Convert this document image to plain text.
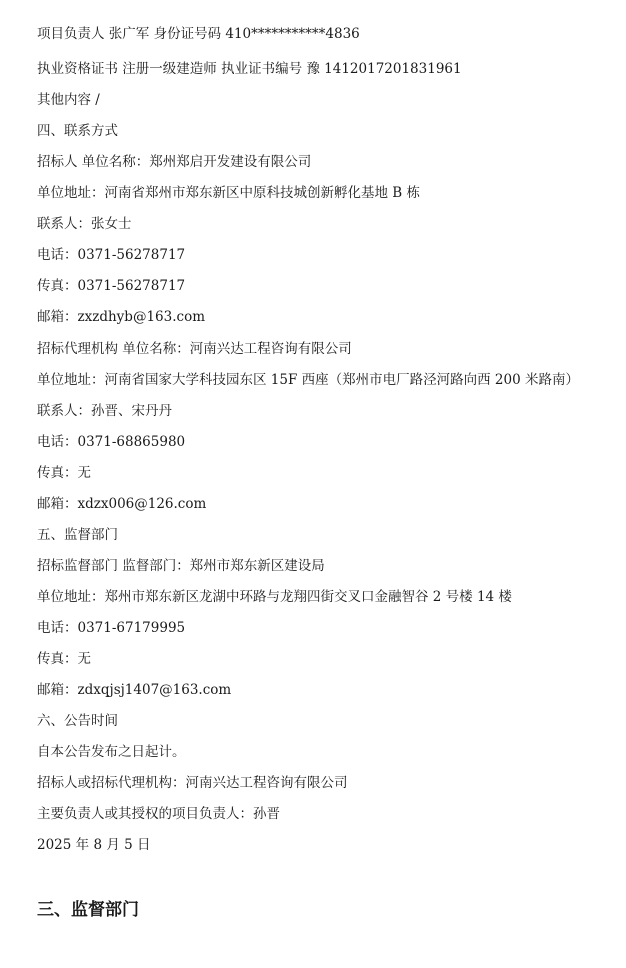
项目负责人 张广军 身份证号码 410***********4836
执业资格证书 注册一级建造师 执业证书编号 豫 1412017201831961
其他内容 /
四、联系方式
招标人 单位名称：郑州郑启开发建设有限公司
单位地址：河南省郑州市郑东新区中原科技城创新孵化基地 B 栋
联系人：张女士
电话：0371-56278717
传真：0371-56278717
邮箱：zxzdhyb@163.com
招标代理机构 单位名称：河南兴达工程咨询有限公司
单位地址：河南省国家大学科技园东区 15F 西座（郑州市电厂路泾河路向西 200 米路南）
联系人：孙晋、宋丹丹
电话：0371-68865980
传真：无
邮箱：xdzx006@126.com
五、监督部门
招标监督部门 监督部门：郑州市郑东新区建设局
单位地址：郑州市郑东新区龙湖中环路与龙翔四街交叉口金融智谷 2 号楼 14 楼
电话：0371-67179995
传真：无
邮箱：zdxqjsj1407@163.com
六、公告时间
自本公告发布之日起计。
招标人或招标代理机构：河南兴达工程咨询有限公司
主要负责人或其授权的项目负责人：孙晋
2025 年 8 月 5 日
三、监督部门
